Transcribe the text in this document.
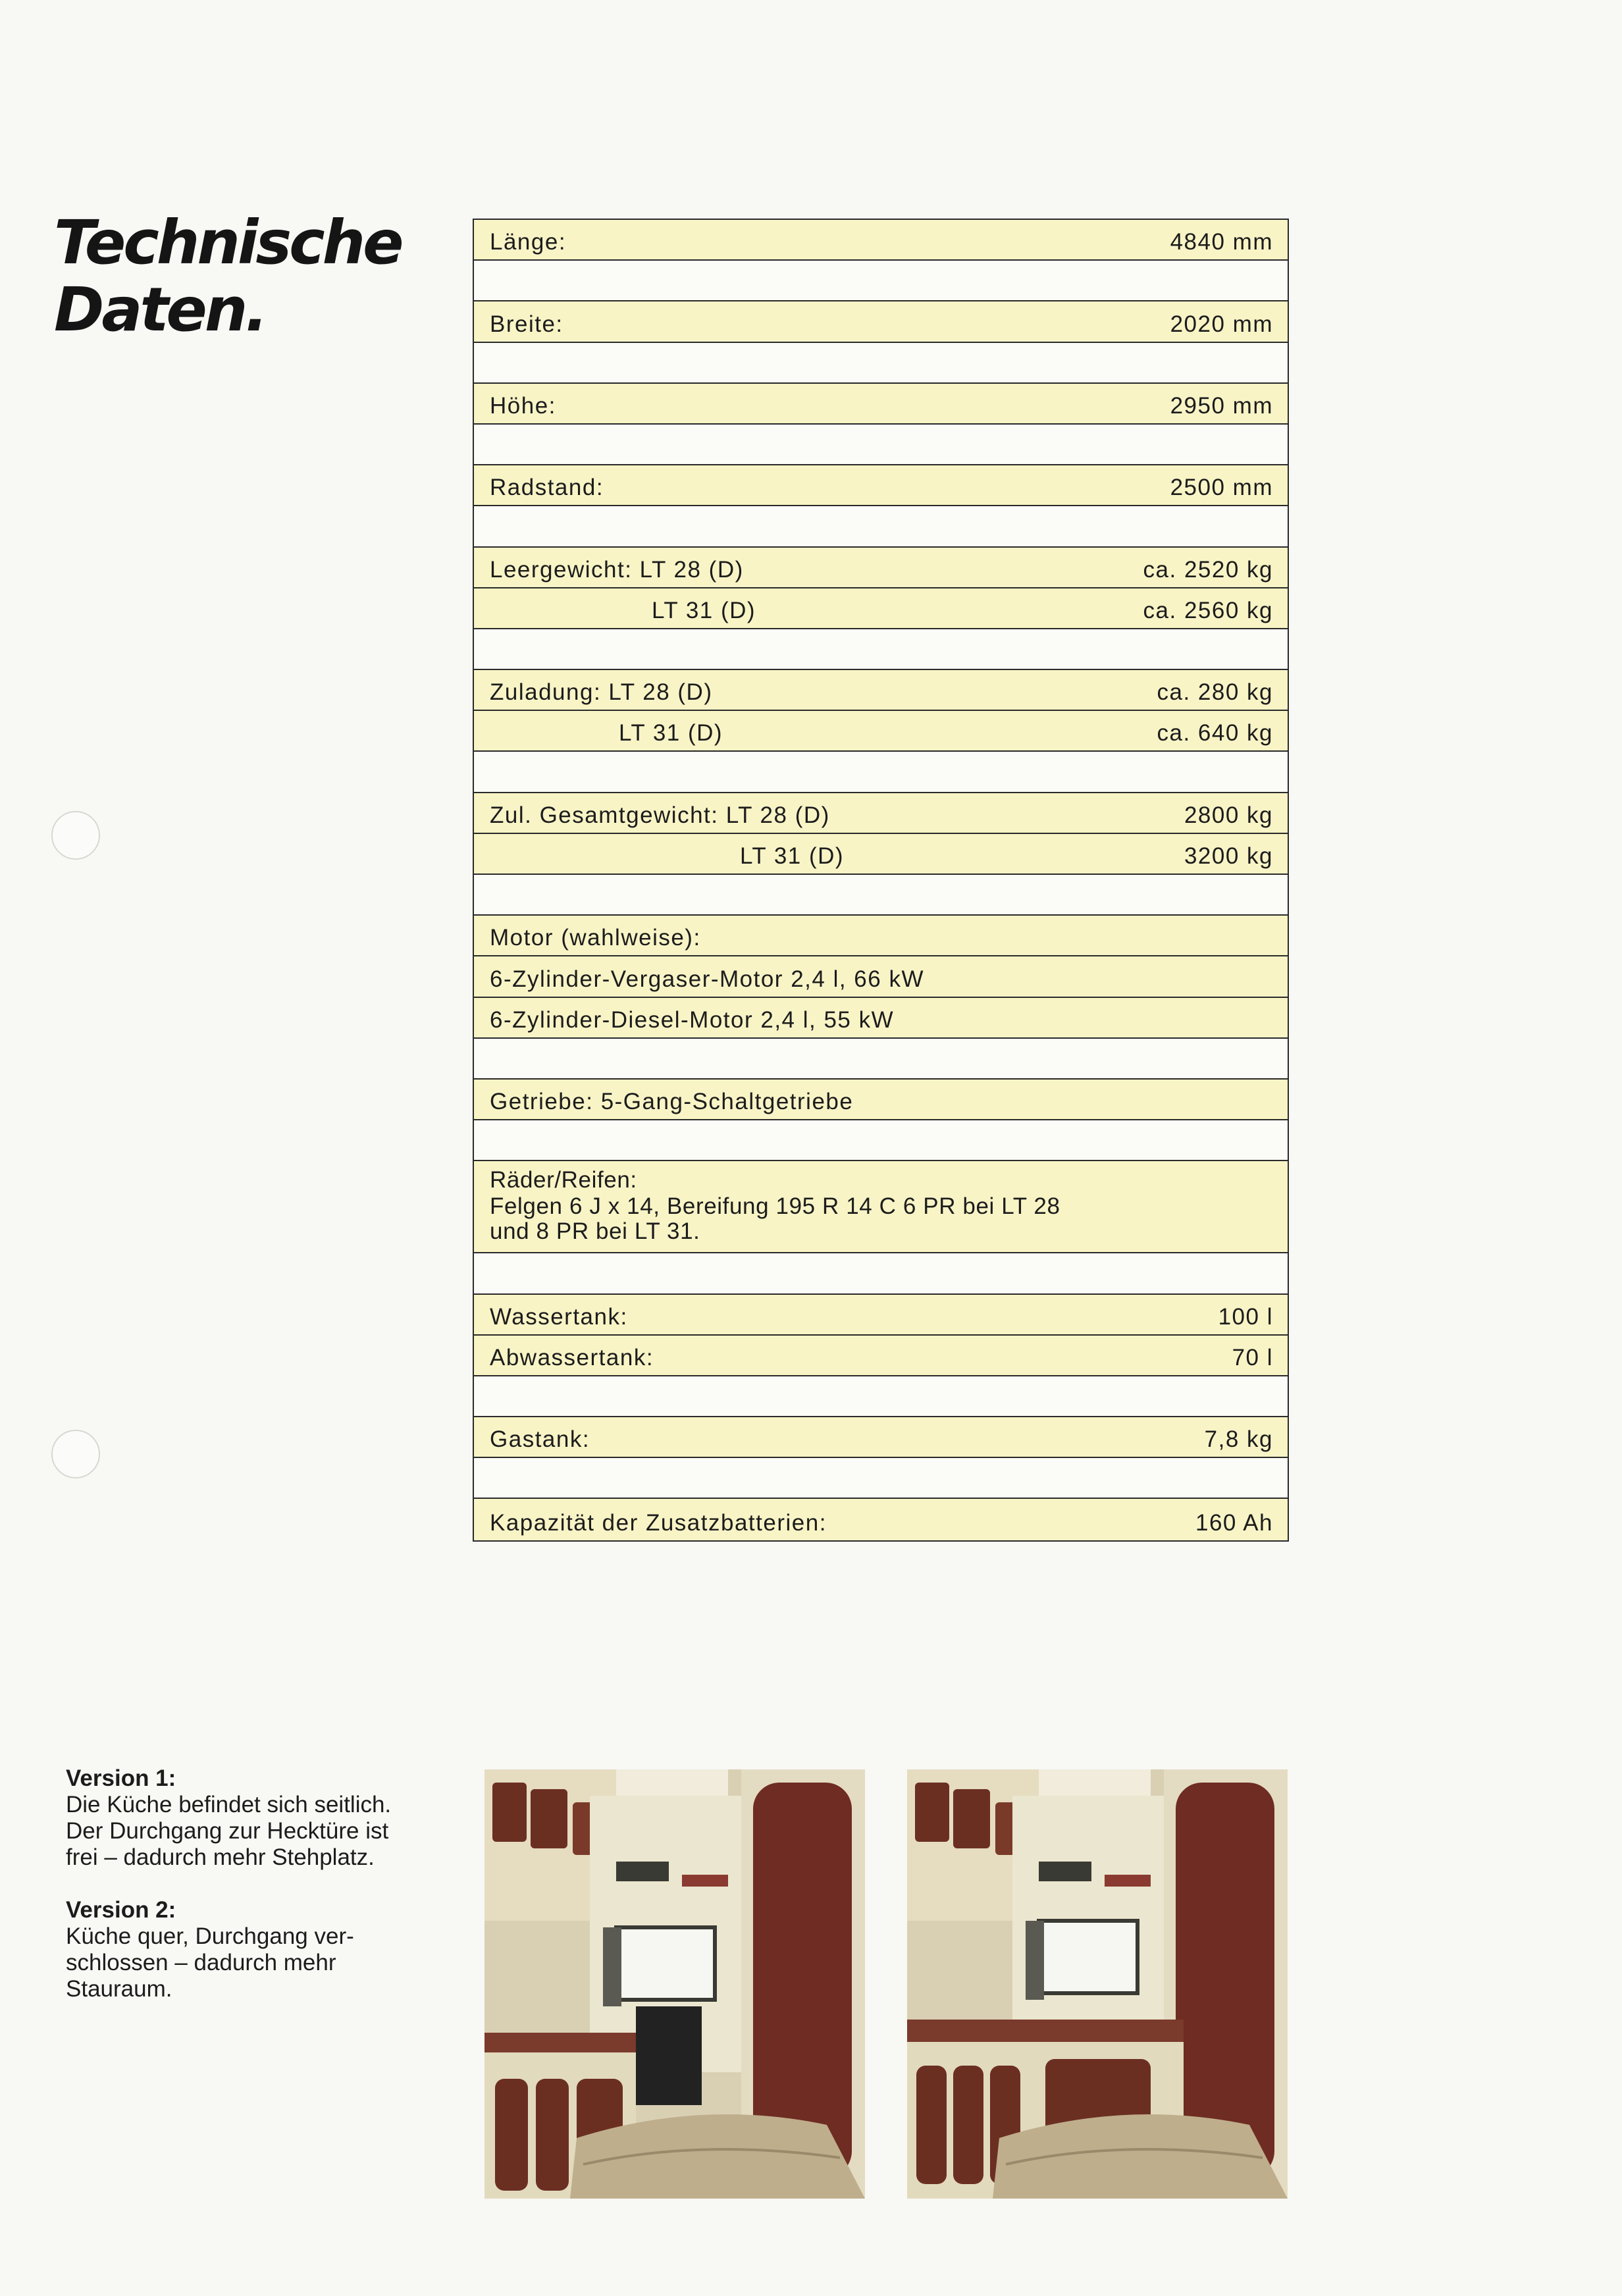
Technische
Daten.
Länge:	4840 mm
Breite:	2020 mm
Höhe:	2950 mm
Radstand:	2500 mm
Leergewicht: LT 28 (D)	ca. 2520 kg
LT 31 (D)	ca. 2560 kg
Zuladung: LT 28 (D)	ca. 280 kg
LT 31 (D)	ca. 640 kg
Zul. Gesamtgewicht: LT 28 (D)	2800 kg
LT 31 (D)	3200 kg
Motor (wahlweise):
6-Zylinder-Vergaser-Motor 2,4 l, 66 kW
6-Zylinder-Diesel-Motor 2,4 l, 55 kW
Getriebe: 5-Gang-Schaltgetriebe
Räder/Reifen:
Felgen 6 J x 14, Bereifung 195 R 14 C 6 PR bei LT 28
und 8 PR bei LT 31.
Wassertank:	100 l
Abwassertank:	70 l
Gastank:	7,8 kg
Kapazität der Zusatzbatterien:	160 Ah
Version 1:
Die Küche befindet sich seitlich.
Der Durchgang zur Hecktüre ist
frei – dadurch mehr Stehplatz.
Version 2:
Küche quer, Durchgang ver-
schlossen – dadurch mehr
Stauraum.
